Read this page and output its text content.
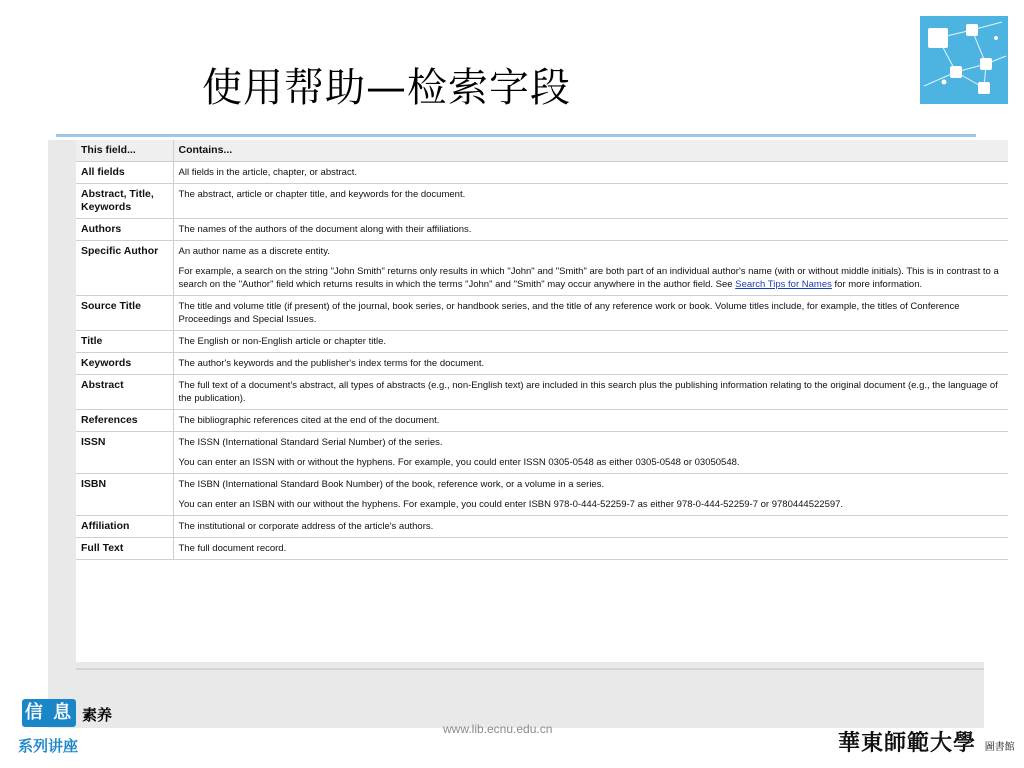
使用帮助—检索字段
This field...	Contains...
All fields	All fields in the article, chapter, or abstract.

Abstract, Title, Keywords	The abstract, article or chapter title, and keywords for the document.

Authors	The names of the authors of the document along with their affiliations.

Specific Author	An author name as a discrete entity.

For example, a search on the string "John Smith" returns only results in which "John" and "Smith" are both part of an individual author's name (with or without middle initials). This is in contrast to a search on the "Author" field which returns results in which the terms "John" and "Smith" may occur anywhere in the author field. See Search Tips for Names for more information.

Source Title	The title and volume title (if present) of the journal, book series, or handbook series, and the title of any reference work or book. Volume titles include, for example, the titles of Conference Proceedings and Special Issues.

Title	The English or non-English article or chapter title.

Keywords	The author's keywords and the publisher's index terms for the document.

Abstract	The full text of a document's abstract, all types of abstracts (e.g., non-English text) are included in this search plus the publishing information relating to the original document (e.g., the language of the publication).

References	The bibliographic references cited at the end of the document.

ISSN	The ISSN (International Standard Serial Number) of the series.

You can enter an ISSN with or without the hyphens. For example, you could enter ISSN 0305-0548 as either 0305-0548 or 03050548.

ISBN	The ISBN (International Standard Book Number) of the book, reference work, or a volume in a series.

You can enter an ISBN with our without the hyphens. For example, you could enter ISBN 978-0-444-52259-7 as either 978-0-444-52259-7 or 9780444522597.

Affiliation	The institutional or corporate address of the article's authors.

Full Text	The full document record.

信 息 素养
系列讲座
www.lib.ecnu.edu.cn
華東師範大學 圖書館
